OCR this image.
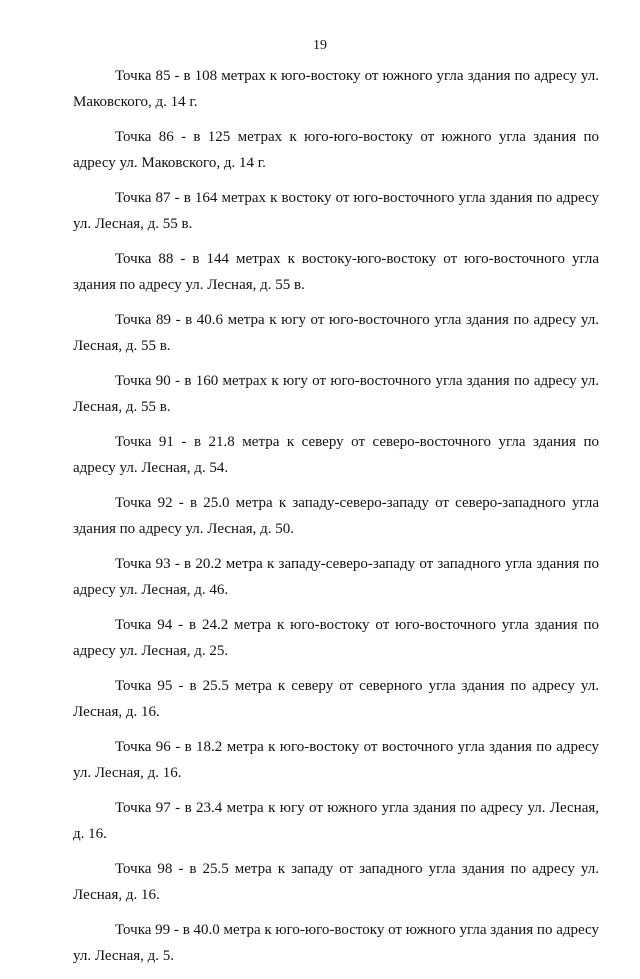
19

Точка 85 - в 108 метрах к юго-востоку от южного угла здания по адресу ул. Маковского, д. 14 г.

Точка 86 - в 125 метрах к юго-юго-востоку от южного угла здания по адресу ул. Маковского, д. 14 г.

Точка 87 - в 164 метрах к востоку от юго-восточного угла здания по адресу ул. Лесная, д. 55 в.

Точка 88 - в 144 метрах к востоку-юго-востоку от юго-восточного угла здания по адресу ул. Лесная, д. 55 в.

Точка 89 - в 40.6 метра к югу от юго-восточного угла здания по адресу ул. Лесная, д. 55 в.

Точка 90 - в 160 метрах к югу от юго-восточного угла здания по адресу ул. Лесная, д. 55 в.

Точка 91 - в 21.8 метра к северу от северо-восточного угла здания по адресу ул. Лесная, д. 54.

Точка 92 - в 25.0 метра к западу-северо-западу от северо-западного угла здания по адресу ул. Лесная, д. 50.

Точка 93 - в 20.2 метра к западу-северо-западу от западного угла здания по адресу ул. Лесная, д. 46.

Точка 94 - в 24.2 метра к юго-востоку от юго-восточного угла здания по адресу ул. Лесная, д. 25.

Точка 95 - в 25.5 метра к северу от северного угла здания по адресу ул. Лесная, д. 16.

Точка 96 - в 18.2 метра к юго-востоку от восточного угла здания по адресу ул. Лесная, д. 16.

Точка 97 - в 23.4 метра к югу от южного угла здания по адресу ул. Лесная, д. 16.

Точка 98 - в 25.5 метра к западу от западного угла здания по адресу ул. Лесная, д. 16.

Точка 99 - в 40.0 метра к юго-юго-востоку от южного угла здания по адресу ул. Лесная, д. 5.
